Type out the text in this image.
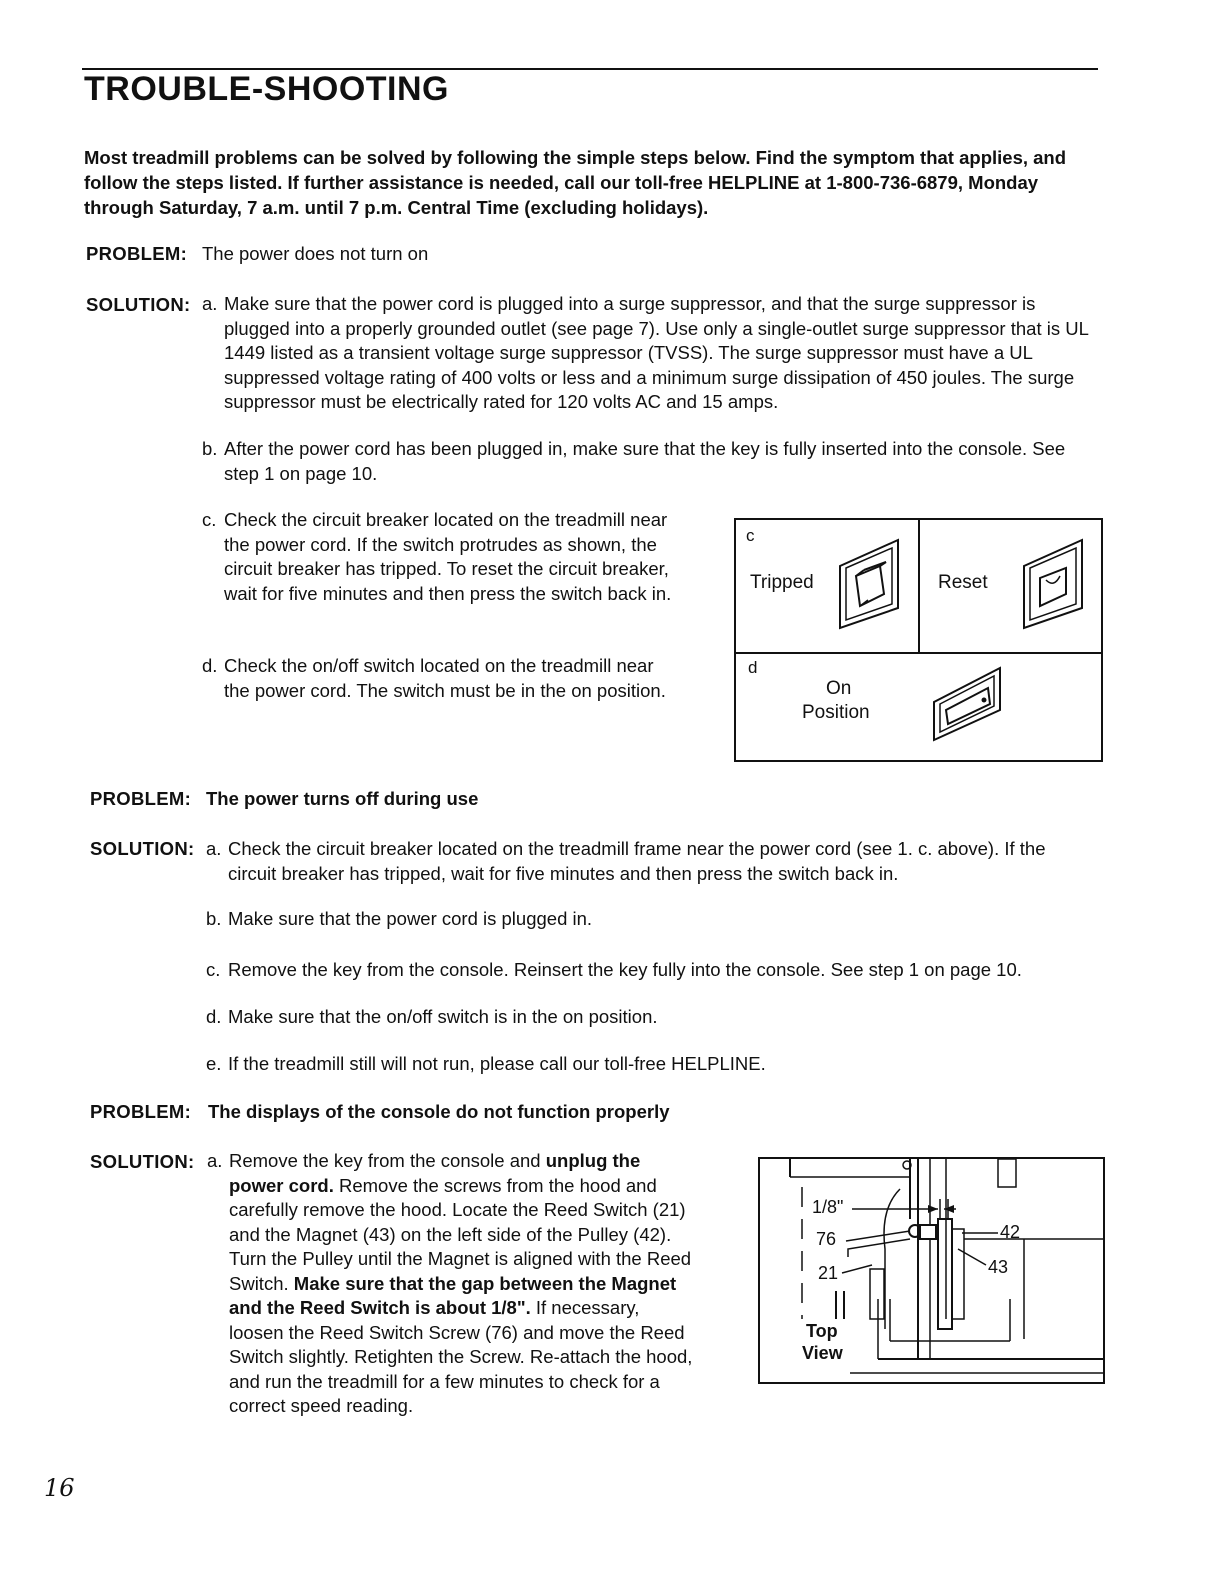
TROUBLE-SHOOTING
Most treadmill problems can be solved by following the simple steps below. Find the symptom that applies, and follow the steps listed. If further assistance is needed, call our toll-free HELPLINE at 1-800-736-6879, Monday through Saturday, 7 a.m. until 7 p.m. Central Time (excluding holidays).
PROBLEM: The power does not turn on
SOLUTION: a. Make sure that the power cord is plugged into a surge suppressor, and that the surge suppressor is plugged into a properly grounded outlet (see page 7). Use only a single-outlet surge suppressor that is UL 1449 listed as a transient voltage surge suppressor (TVSS). The surge suppressor must have a UL suppressed voltage rating of 400 volts or less and a minimum surge dissipation of 450 joules. The surge suppressor must be electrically rated for 120 volts AC and 15 amps.
b. After the power cord has been plugged in, make sure that the key is fully inserted into the console. See step 1 on page 10.
c. Check the circuit breaker located on the treadmill near the power cord. If the switch protrudes as shown, the circuit breaker has tripped. To reset the circuit breaker, wait for five minutes and then press the switch back in.
d. Check the on/off switch located on the treadmill near the power cord. The switch must be in the on position.
c
Tripped	Reset
d
On
Position
PROBLEM: The power turns off during use
SOLUTION: a. Check the circuit breaker located on the treadmill frame near the power cord (see 1. c. above). If the circuit breaker has tripped, wait for five minutes and then press the switch back in.
b. Make sure that the power cord is plugged in.
c. Remove the key from the console. Reinsert the key fully into the console. See step 1 on page 10.
d. Make sure that the on/off switch is in the on position.
e. If the treadmill still will not run, please call our toll-free HELPLINE.
PROBLEM: The displays of the console do not function properly
SOLUTION: a. Remove the key from the console and unplug the power cord. Remove the screws from the hood and carefully remove the hood. Locate the Reed Switch (21) and the Magnet (43) on the left side of the Pulley (42). Turn the Pulley until the Magnet is aligned with the Reed Switch. Make sure that the gap between the Magnet and the Reed Switch is about 1/8". If necessary, loosen the Reed Switch Screw (76) and move the Reed Switch slightly. Retighten the Screw. Re-attach the hood, and run the treadmill for a few minutes to check for a correct speed reading.
1/8"
76
21
42
43
Top
View
16
